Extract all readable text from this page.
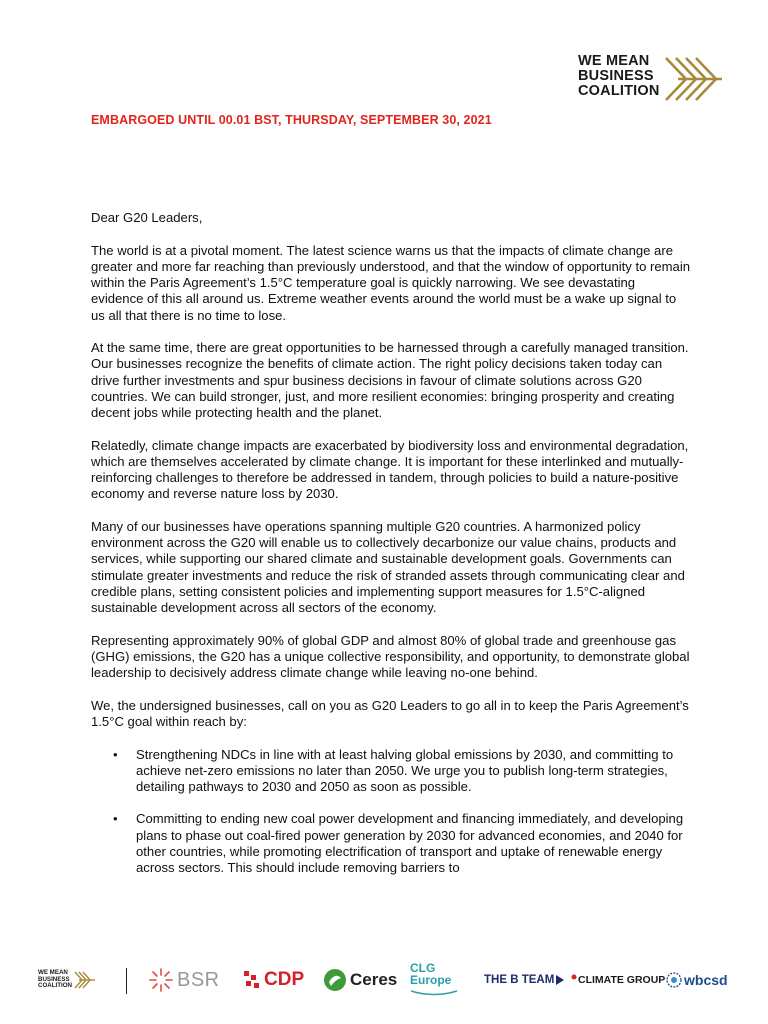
WE MEAN
BUSINESS
COALITION
EMBARGOED UNTIL 00.01 BST, THURSDAY, SEPTEMBER 30, 2021

Dear G20 Leaders,

The world is at a pivotal moment. The latest science warns us that the impacts of climate change are greater and more far reaching than previously understood, and that the window of opportunity to remain within the Paris Agreement’s 1.5°C temperature goal is quickly narrowing. We see devastating evidence of this all around us. Extreme weather events around the world must be a wake up signal to us all that there is no time to lose.

At the same time, there are great opportunities to be harnessed through a carefully managed transition. Our businesses recognize the benefits of climate action. The right policy decisions taken today can drive further investments and spur business decisions in favour of climate solutions across G20 countries. We can build stronger, just, and more resilient economies: bringing prosperity and creating decent jobs while protecting health and the planet.

Relatedly, climate change impacts are exacerbated by biodiversity loss and environmental degradation, which are themselves accelerated by climate change. It is important for these interlinked and mutually-reinforcing challenges to therefore be addressed in tandem, through policies to build a nature-positive economy and reverse nature loss by 2030.

Many of our businesses have operations spanning multiple G20 countries. A harmonized policy environment across the G20 will enable us to collectively decarbonize our value chains, products and services, while supporting our shared climate and sustainable development goals. Governments can stimulate greater investments and reduce the risk of stranded assets through communicating clear and credible plans, setting consistent policies and implementing support measures for 1.5°C-aligned sustainable development across all sectors of the economy.

Representing approximately 90% of global GDP and almost 80% of global trade and greenhouse gas (GHG) emissions, the G20 has a unique collective responsibility, and opportunity, to demonstrate global leadership to decisively address climate change while leaving no-one behind.

We, the undersigned businesses, call on you as G20 Leaders to go all in to keep the Paris Agreement’s 1.5°C goal within reach by:

• Strengthening NDCs in line with at least halving global emissions by 2030, and committing to achieve net-zero emissions no later than 2050. We urge you to publish long-term strategies, detailing pathways to 2030 and 2050 as soon as possible.
• Committing to ending new coal power development and financing immediately, and developing plans to phase out coal-fired power generation by 2030 for advanced economies, and 2040 for other countries, while promoting electrification of transport and uptake of renewable energy across sectors. This should include removing barriers to
WE MEAN
BUSINESS
COALITION	BSR CDP	Ceres
CLG
Europe	THE B TEAM CLIMATE GROUP wbcsd
